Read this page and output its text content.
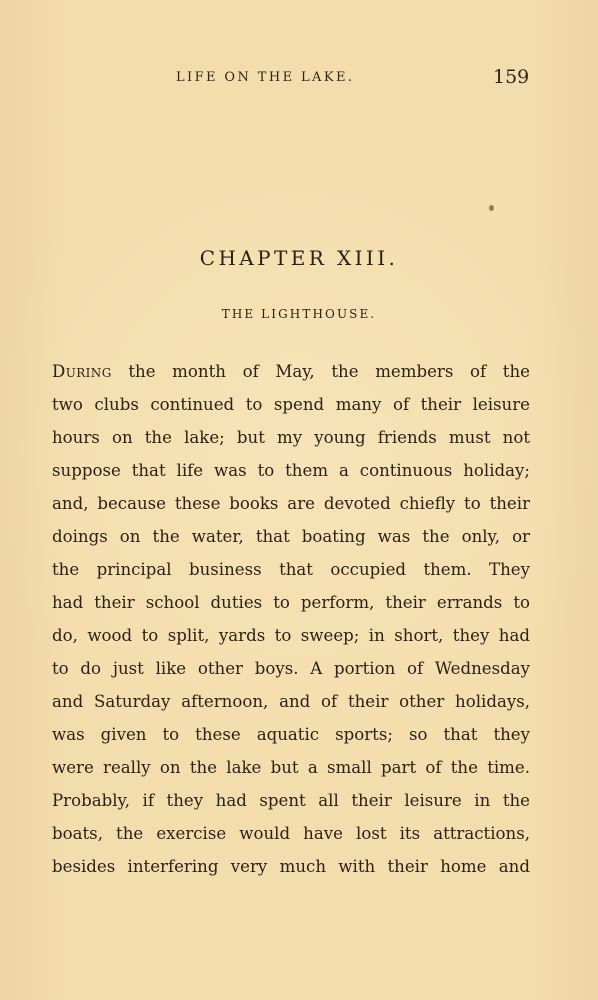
LIFE ON THE LAKE.	159
CHAPTER XIII.
THE LIGHTHOUSE.
During the month of May, the members of the
two clubs continued to spend many of their leisure
hours on the lake; but my young friends must not
suppose that life was to them a continuous holiday;
and, because these books are devoted chiefly to their
doings on the water, that boating was the only, or
the principal business that occupied them. They
had their school duties to perform, their errands to
do, wood to split, yards to sweep; in short, they had
to do just like other boys. A portion of Wednesday
and Saturday afternoon, and of their other holidays,
was given to these aquatic sports; so that they
were really on the lake but a small part of the time.
Probably, if they had spent all their leisure in the
boats, the exercise would have lost its attractions,
besides interfering very much with their home and
